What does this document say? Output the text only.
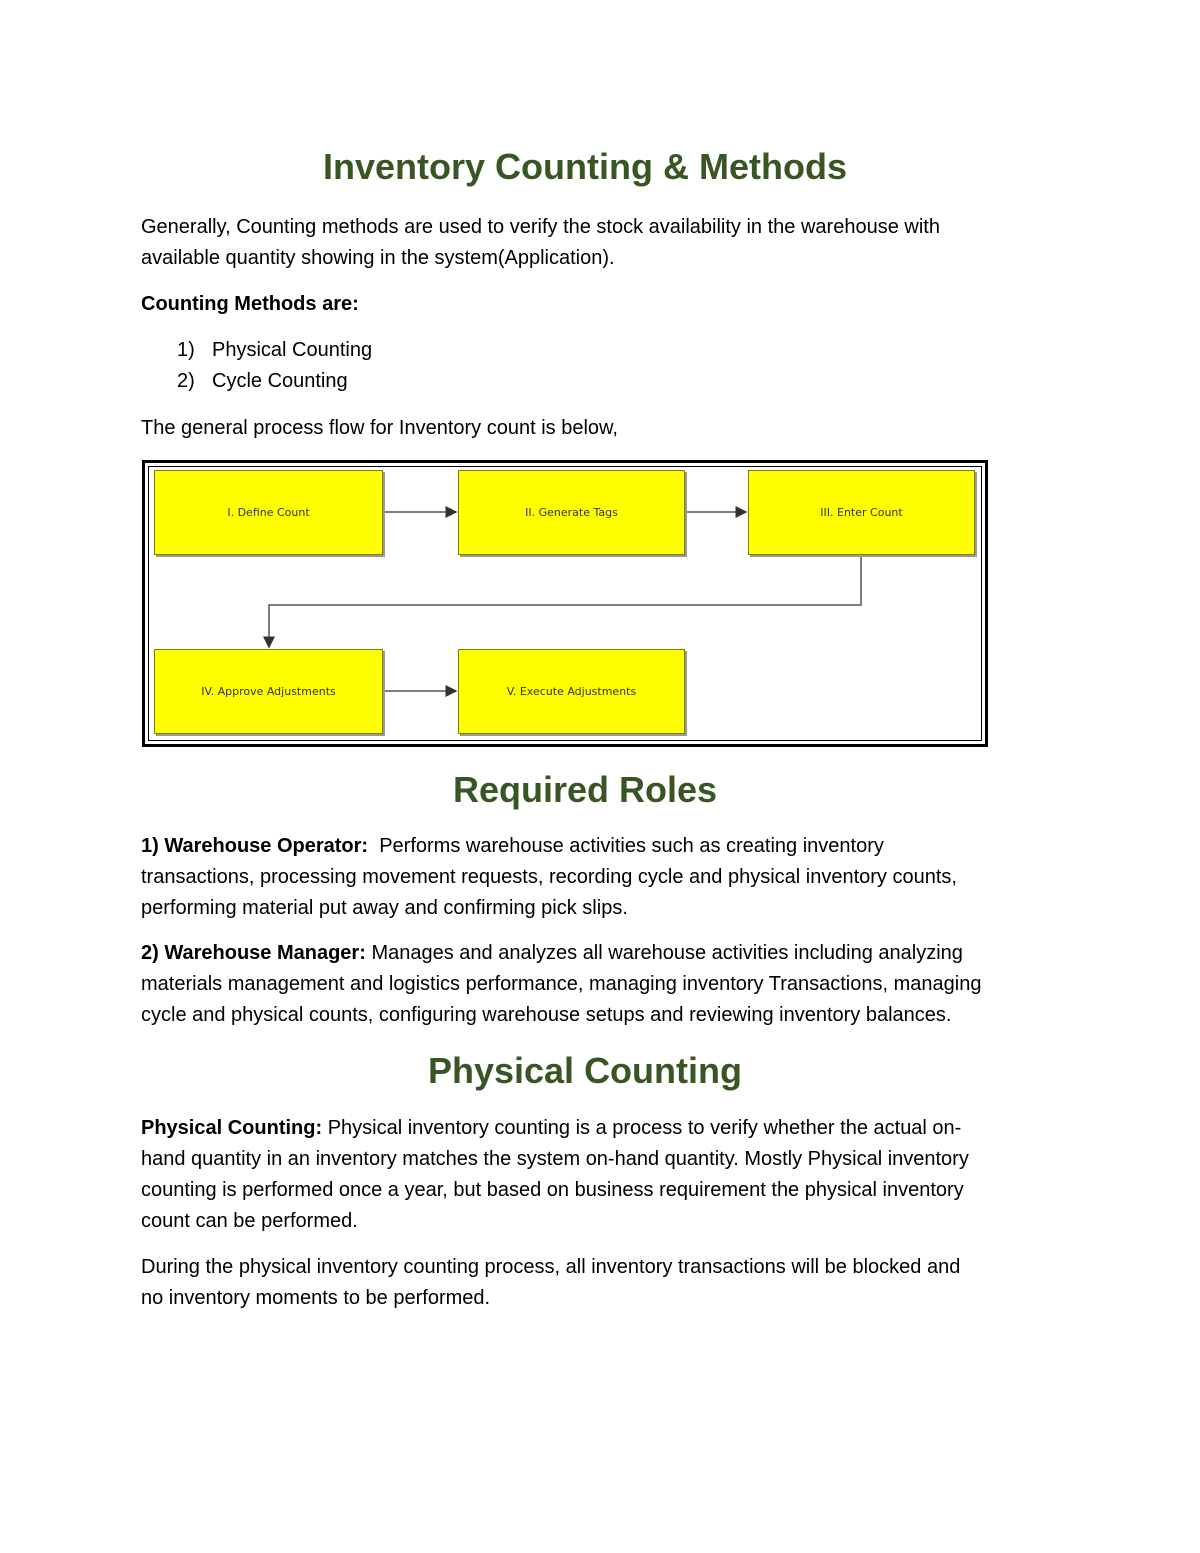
Inventory Counting & Methods

Generally, Counting methods are used to verify the stock availability in the warehouse with
available quantity showing in the system(Application).

Counting Methods are:

1) Physical Counting
2) Cycle Counting

The general process flow for Inventory count is below,

I. Define Count	II. Generate Tags	III. Enter Count
IV. Approve Adjustments	V. Execute Adjustments
Required Roles

1) Warehouse Operator: Performs warehouse activities such as creating inventory
transactions, processing movement requests, recording cycle and physical inventory counts,
performing material put away and confirming pick slips.

2) Warehouse Manager: Manages and analyzes all warehouse activities including analyzing
materials management and logistics performance, managing inventory Transactions, managing
cycle and physical counts, configuring warehouse setups and reviewing inventory balances.

Physical Counting

Physical Counting: Physical inventory counting is a process to verify whether the actual on-
hand quantity in an inventory matches the system on-hand quantity. Mostly Physical inventory
counting is performed once a year, but based on business requirement the physical inventory
count can be performed.

During the physical inventory counting process, all inventory transactions will be blocked and
no inventory moments to be performed.
